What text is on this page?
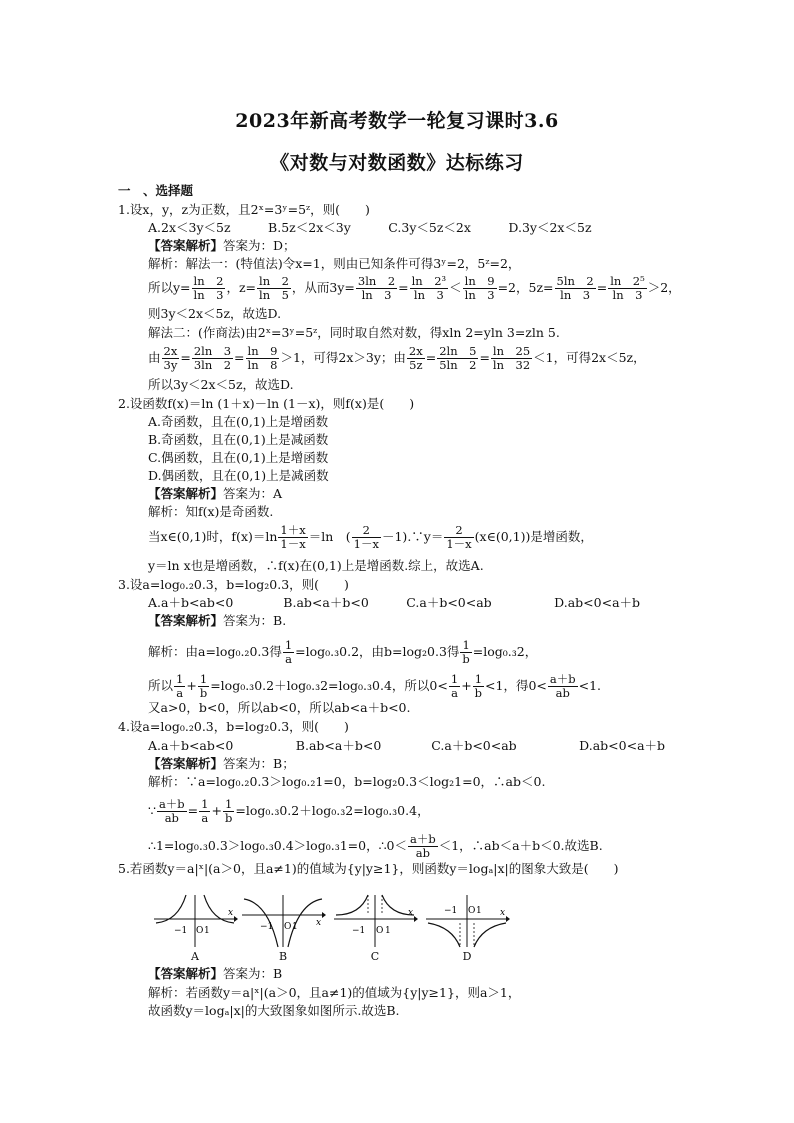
2023年新高考数学一轮复习课时3.6
《对数与对数函数》达标练习
一　、选择题
1.设x，y，z为正数，且2ˣ=3ʸ=5ᶻ，则(　　)
A.2x＜3y＜5z　　　B.5z＜2x＜3y　　　C.3y＜5z＜2x　　　D.3y＜2x＜5z
【答案解析】答案为：D；
解析：解法一：(特值法)令x=1，则由已知条件可得3ʸ=2，5ᶻ=2，
所以$y= \frac{\ln 2}{\ln 3}$ ，$z= \frac{\ln 2}{\ln 5}$ ，从而$3y= \frac{3\ln 2}{\ln 3} = \frac{\text{ln　2³}}{\ln 3} < \frac{\ln 9}{\ln 3} =2$，$5z= \frac{5\ln 2}{\ln 3} = \frac{\text{ln　2⁵}}{\ln 3} >2$，
则3y＜2x＜5z，故选D.
解法二：(作商法)由2ˣ=3ʸ=5ᶻ，同时取自然对数，得xln 2=yln 3=zln 5.
由 $\frac{2x}{3y} = \frac{2\ln 3}{3\ln 2} = \frac{\ln 9}{\ln 8} >1$，可得2x＞3y；由 $\frac{2x}{5z} = \frac{2\ln 5}{5\ln 2} = \frac{\ln 25}{\ln 32} <1$，可得2x＜5z，
所以3y＜2x＜5z，故选D.
2.设函数f(x)＝ln (1＋x)－ln (1－x)，则f(x)是(　　)
A.奇函数，且在(0,1)上是增函数
B.奇函数，且在(0,1)上是减函数
C.偶函数，且在(0,1)上是增函数
D.偶函数，且在(0,1)上是减函数
【答案解析】答案为：A
解析：知f(x)是奇函数.
当x∈(0,1)时，$f(x)=\ln \frac{1+x}{1-x} =\ln$　( $\frac{2}{1-x}$ －1).∵y＝ $\frac{2}{1-x}$ (x∈(0,1))是增函数，
y＝ln x也是增函数，∴f(x)在(0,1)上是增函数.综上，故选A.
3.设a=log₀.₂0.3，b=log₂0.3，则(　　)
A.a＋b<ab<0　　　　B.ab<a＋b<0　　　C.a＋b<0<ab　　　　　D.ab<0<a＋b
【答案解析】答案为：B.
解析：由a=log₀.₂0.3得 $\frac{1}{a} =\log_0._30.2$，由b=log₂0.3得 $\frac{1}{b} =\log_0._32$，
所以 $\frac{1}{a} + \frac{1}{b} =\log_0._30.2+\log_0._32=\log_0._30.4$，所以$0< \frac{1}{a} + \frac{1}{b} <1$，得$0< \frac{a+b}{ab} <1$.
又a>0，b<0，所以ab<0，所以ab<a＋b<0.
4.设a=log₀.₂0.3，b=log₂0.3，则(　　)
A.a＋b<ab<0　　　　　B.ab<a＋b<0　　　　C.a＋b<0<ab　　　　　D.ab<0<a＋b
【答案解析】答案为：B；
解析：∵a=log₀.₂0.3＞log₀.₂1=0，b=log₂0.3＜log₂1=0，∴ab＜0.
∵ $\frac{a+b}{ab} = \frac{1}{a} + \frac{1}{b} =\log_0._30.2+\log_0._32=\log_0._30.4$，
∴1=log₀.₃0.3＞log₀.₃0.4＞log₀.₃1=0，∴0＜ $\frac{a+b}{ab} <1$，∴ab＜a＋b＜0.故选B.
5.若函数y＝a|ˣ|(a＞0，且a≠1)的值域为{y|y≥1}，则函数y＝logₐ|x|的图象大致是(　　)
−1 O 1
x
−1 O 1 x
−1 O 1
x	−1 O 1 x
A	B	C	D
【答案解析】答案为：B
解析：若函数y＝a|ˣ|(a＞0，且a≠1)的值域为{y|y≥1}，则a＞1，
故函数y＝logₐ|x|的大致图象如图所示.故选B.
